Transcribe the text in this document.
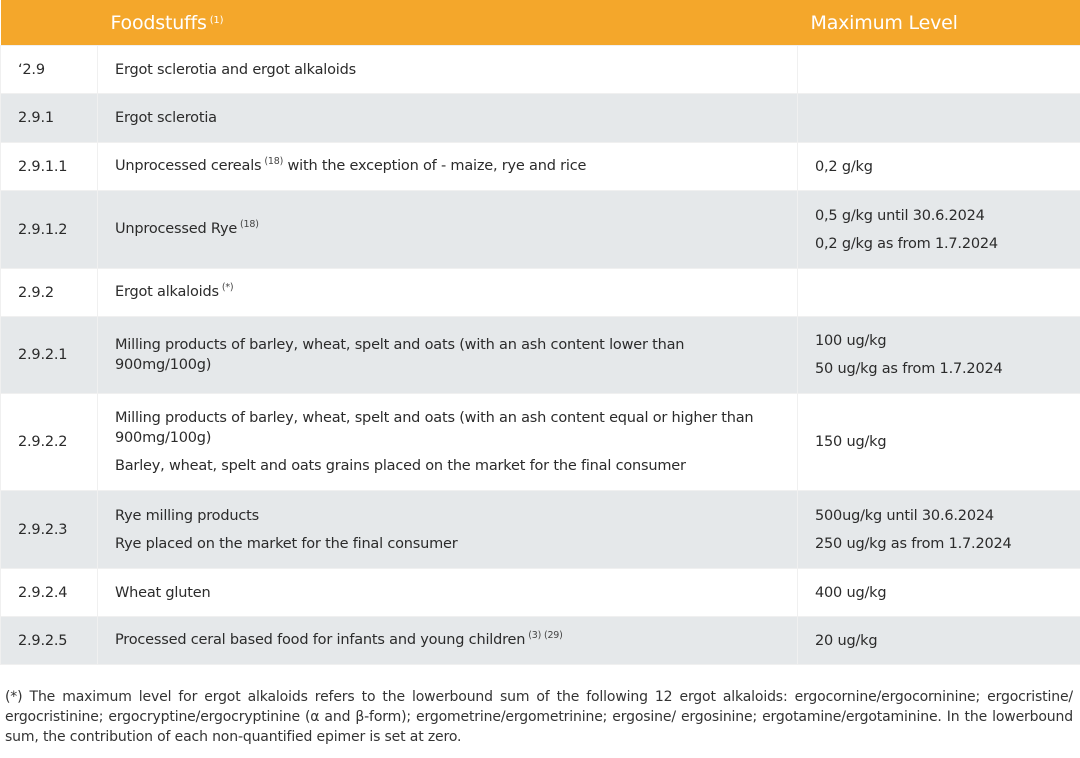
Foodstuffs $^{(1)}$		Maximum Level
‘2.9	Ergot sclerotia and ergot alkaloids	

2.9.1	Ergot sclerotia	

2.9.1.1	Unprocessed cereals $^{(18)}$ with the exception of - maize, rye and rice	0,2 g/kg

2.9.1.2	Unprocessed Rye $^{(18)}$	0,5 g/kg until 30.6.2024
0,2 g/kg as from 1.7.2024

2.9.2	Ergot alkaloids (*)	
2.9.2.1	Milling products of barley, wheat, spelt and oats (with an ash content lower than 900mg/100g)	100 ug/kg
50 ug/kg as from 1.7.2024

2.9.2.2	Milling products of barley, wheat, spelt and oats (with an ash content equal or higher than 900mg/100g)
Barley, wheat, spelt and oats grains placed on the market for the final consumer	150 ug/kg

2.9.2.3	Rye milling products
Rye placed on the market for the final consumer	500ug/kg until 30.6.2024
250 ug/kg as from 1.7.2024

2.9.2.4	Wheat gluten	400 ug/kg

2.9.2.5	Processed ceral based food for infants and young children $^{(3) (29)}$	20 ug/kg

(*) The maximum level for ergot alkaloids refers to the lowerbound sum of the following 12 ergot alkaloids: ergocornine/ergocorninine; ergocristine/ ergocristinine; ergocryptine/ergocryptinine (α and β-form); ergometrine/ergometrinine; ergosine/ ergosinine; ergotamine/ergotaminine. In the lowerbound sum, the contribution of each non-quantified epimer is set at zero.
